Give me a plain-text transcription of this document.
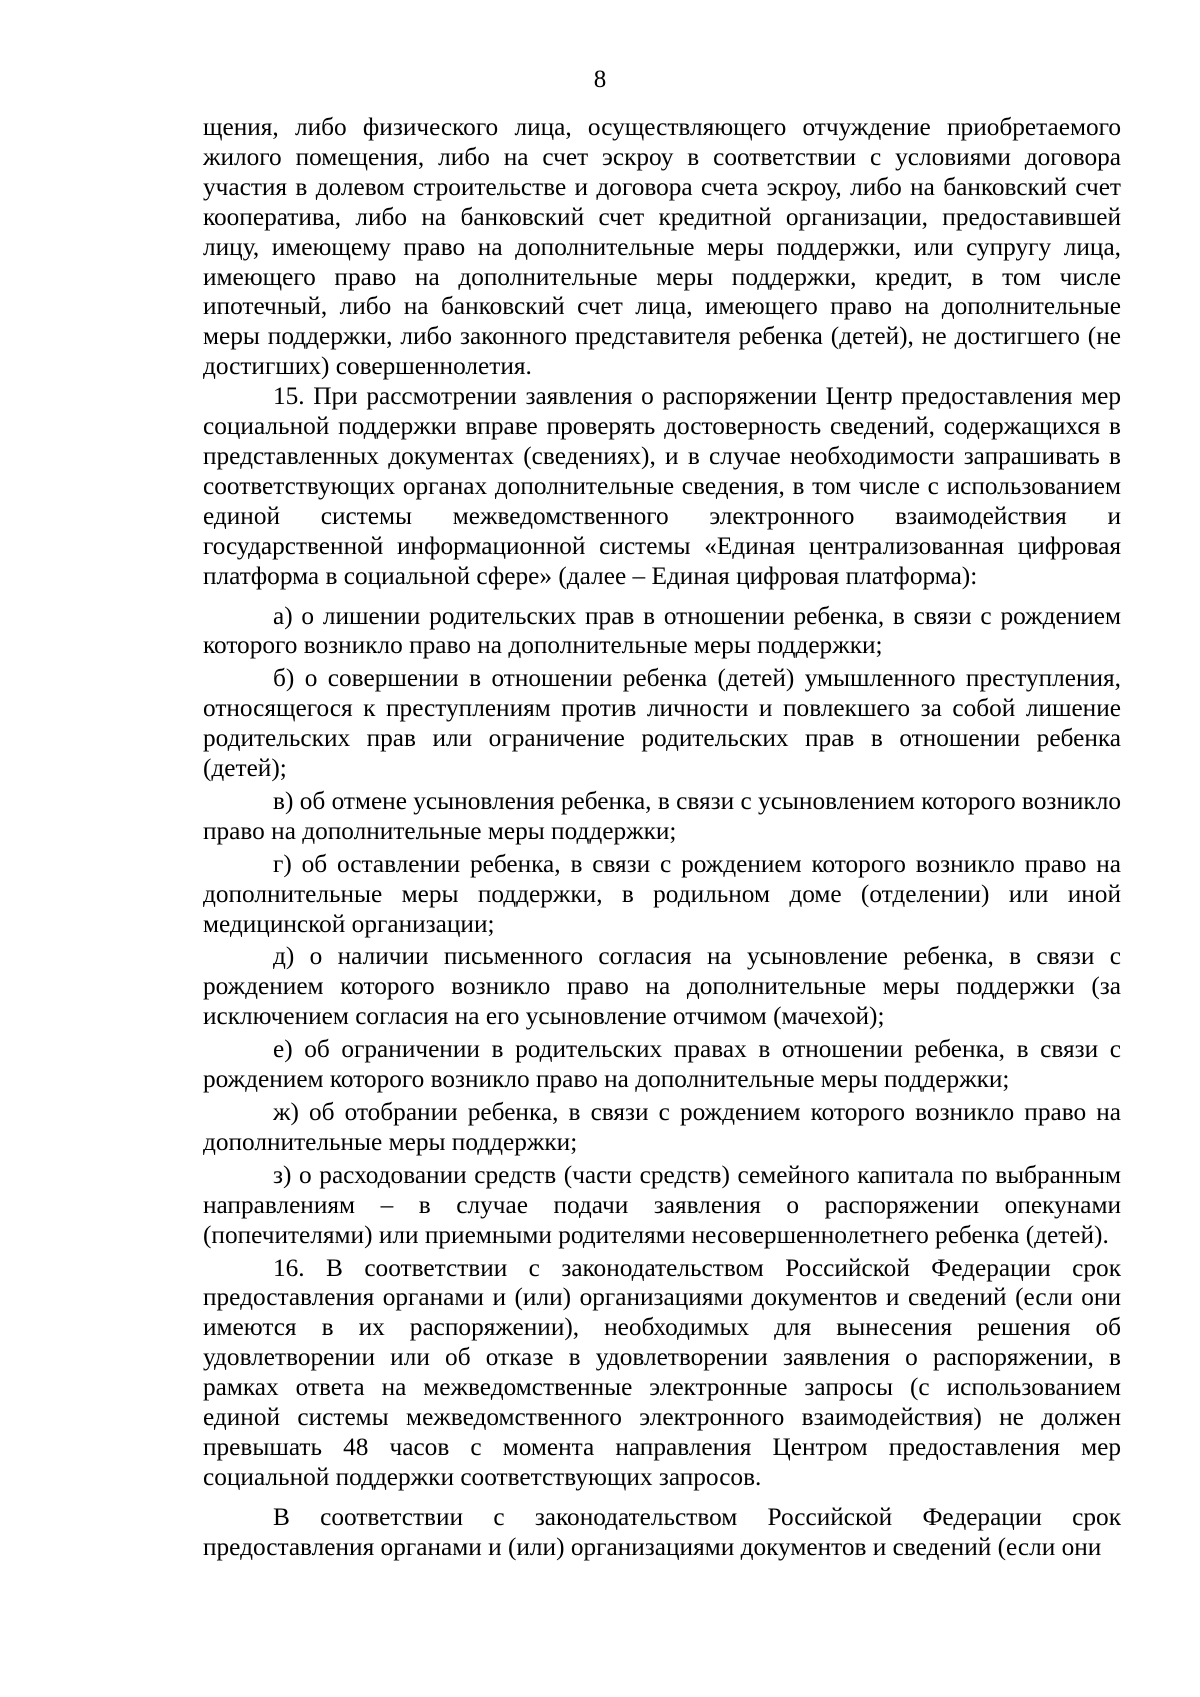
8

щения, либо физического лица, осуществляющего отчуждение приобретаемого жилого помещения, либо на счет эскроу в соответствии с условиями договора участия в долевом строительстве и договора счета эскроу, либо на банковский счет кооператива, либо на банковский счет кредитной организации, предоставившей лицу, имеющему право на дополнительные меры поддержки, или супругу лица, имеющего право на дополнительные меры поддержки, кредит, в том числе ипотечный, либо на банковский счет лица, имеющего право на дополнительные меры поддержки, либо законного представителя ребенка (детей), не достигшего (не достигших) совершеннолетия.

15. При рассмотрении заявления о распоряжении Центр предоставления мер социальной поддержки вправе проверять достоверность сведений, содержащихся в представленных документах (сведениях), и в случае необходимости запрашивать в соответствующих органах дополнительные сведения, в том числе с использованием единой системы межведомственного электронного взаимодействия и государственной информационной системы «Единая централизованная цифровая платформа в социальной сфере» (далее – Единая цифровая платформа):

а) о лишении родительских прав в отношении ребенка, в связи с рождением которого возникло право на дополнительные меры поддержки;

б) о совершении в отношении ребенка (детей) умышленного преступления, относящегося к преступлениям против личности и повлекшего за собой лишение родительских прав или ограничение родительских прав в отношении ребенка (детей);

в) об отмене усыновления ребенка, в связи с усыновлением которого возникло право на дополнительные меры поддержки;

г) об оставлении ребенка, в связи с рождением которого возникло право на дополнительные меры поддержки, в родильном доме (отделении) или иной медицинской организации;

д) о наличии письменного согласия на усыновление ребенка, в связи с рождением которого возникло право на дополнительные меры поддержки (за исключением согласия на его усыновление отчимом (мачехой);

е) об ограничении в родительских правах в отношении ребенка, в связи с рождением которого возникло право на дополнительные меры поддержки;

ж) об отобрании ребенка, в связи с рождением которого возникло право на дополнительные меры поддержки;

з) о расходовании средств (части средств) семейного капитала по выбранным направлениям – в случае подачи заявления о распоряжении опекунами (попечителями) или приемными родителями несовершеннолетнего ребенка (детей).

16. В соответствии с законодательством Российской Федерации срок предоставления органами и (или) организациями документов и сведений (если они имеются в их распоряжении), необходимых для вынесения решения об удовлетворении или об отказе в удовлетворении заявления о распоряжении, в рамках ответа на межведомственные электронные запросы (с использованием единой системы межведомственного электронного взаимодействия) не должен превышать 48 часов с момента направления Центром предоставления мер социальной поддержки соответствующих запросов.

В соответствии с законодательством Российской Федерации срок предоставления органами и (или) организациями документов и сведений (если они
